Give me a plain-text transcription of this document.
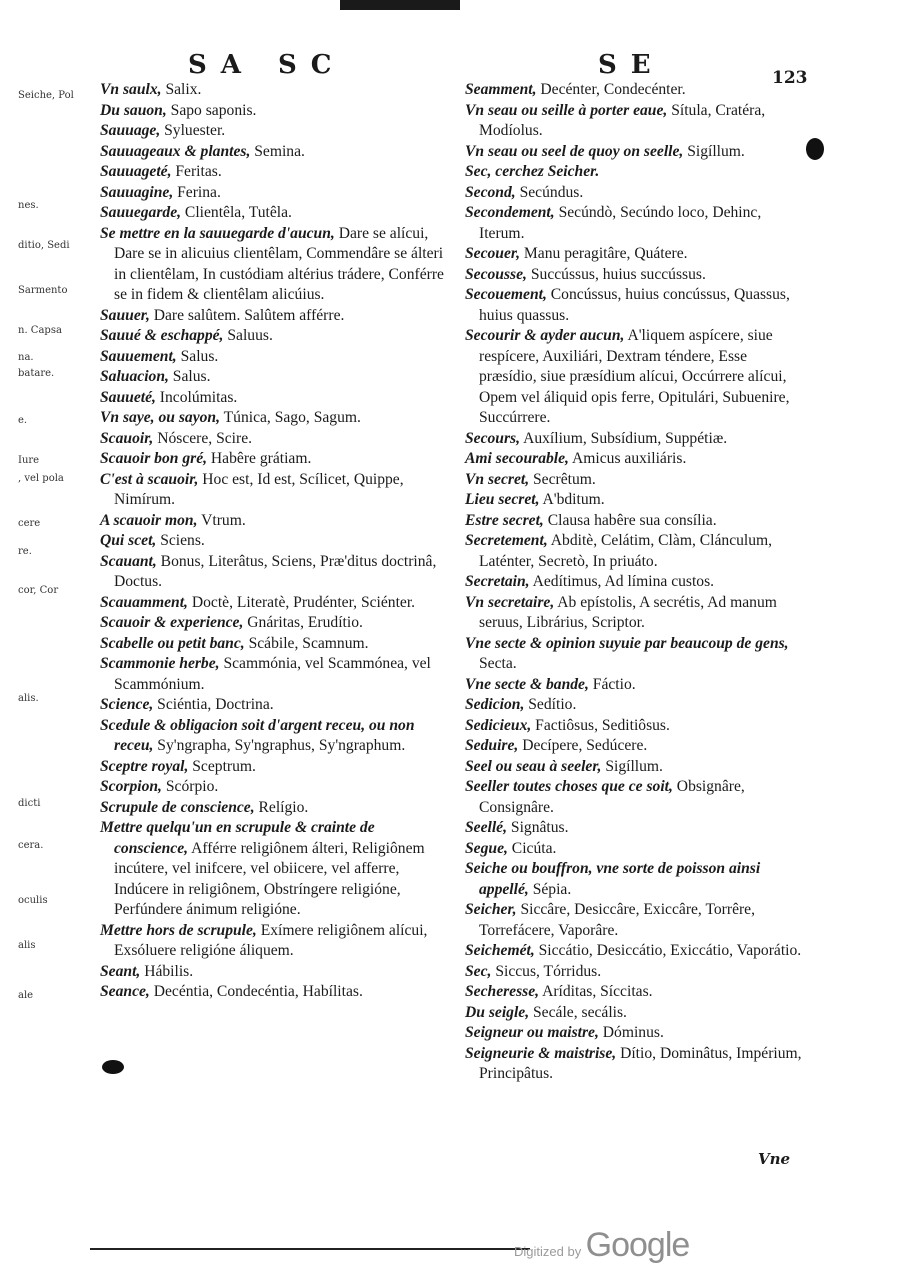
SA SC	SE	123
Seiche, Pol
nes.
ditio, Sedi
Sarmento
n. Capsa
na.
batare.
e.
Iure
, vel pola
cere
re.
cor, Cor
alis.
dicti
cera.
oculis
alis
ale

Vn saulx, Salix.

Du sauon, Sapo saponis.

Sauuage, Syluester.

Sauuageaux & plantes, Semina.

Sauuageté, Feritas.

Sauuagine, Ferina.

Sauuegarde, Clientêla, Tutêla.

Se mettre en la sauuegarde d'aucun, Dare se alícui, Dare se in alicuius clientêlam, Commendâre se álteri in clientêlam, In custódiam altérius trádere, Conférre se in fidem & clientêlam alicúius.

Sauuer, Dare salûtem. Salûtem afférre.

Sauué & eschappé, Saluus.

Sauuement, Salus.

Saluacion, Salus.

Sauueté, Incolúmitas.

Vn saye, ou sayon, Túnica, Sago, Sagum.

Scauoir, Nóscere, Scire.

Scauoir bon gré, Habêre grátiam.

C'est à scauoir, Hoc est, Id est, Scílicet, Quippe, Nimírum.

A scauoir mon, Vtrum.

Qui scet, Sciens.

Scauant, Bonus, Literâtus, Sciens, Præ'ditus doctrinâ, Doctus.

Scauamment, Doctè, Literatè, Prudénter, Sciénter.

Scauoir & experience, Gnáritas, Erudítio.

Scabelle ou petit banc, Scábile, Scamnum.

Scammonie herbe, Scammónia, vel Scammónea, vel Scammónium.

Science, Sciéntia, Doctrina.

Scedule & obligacion soit d'argent receu, ou non receu, Sy'ngrapha, Sy'ngraphus, Sy'ngraphum.

Sceptre royal, Sceptrum.

Scorpion, Scórpio.

Scrupule de conscience, Relígio.

Mettre quelqu'un en scrupule & crainte de conscience, Afférre religiônem álteri, Religiônem incútere, vel inifcere, vel obiicere, vel afferre, Indúcere in religiônem, Obstríngere religióne, Perfúndere ánimum religióne.

Mettre hors de scrupule, Exímere religiônem alícui, Exsóluere religióne áliquem.

Seant, Hábilis.

Seance, Decéntia, Condecéntia, Habílitas.

Seamment, Decénter, Condecénter.

Vn seau ou seille à porter eaue, Sítula, Cratéra, Modíolus.

Vn seau ou seel de quoy on seelle, Sigíllum.

Sec, cerchez Seicher.

Second, Secúndus.

Secondement, Secúndò, Secúndo loco, Dehinc, Iterum.

Secouer, Manu peragitâre, Quátere.

Secousse, Succússus, huius succússus.

Secouement, Concússus, huius concússus, Quassus, huius quassus.

Secourir & ayder aucun, A'liquem aspícere, siue respícere, Auxiliári, Dextram téndere, Esse præsídio, siue præsídium alícui, Occúrrere alícui, Opem vel áliquid opis ferre, Opitulári, Subuenire, Succúrrere.

Secours, Auxílium, Subsídium, Suppétiæ.

Ami secourable, Amicus auxiliáris.

Vn secret, Secrêtum.

Lieu secret, A'bditum.

Estre secret, Clausa habêre sua consília.

Secretement, Abditè, Celátim, Clàm, Clánculum, Laténter, Secretò, In priuáto.

Secretain, Aedítimus, Ad límina custos.

Vn secretaire, Ab epístolis, A secrétis, Ad manum seruus, Librárius, Scriptor.

Vne secte & opinion suyuie par beaucoup de gens, Secta.

Vne secte & bande, Fáctio.

Sedicion, Sedítio.

Sedicieux, Factiôsus, Seditiôsus.

Seduire, Decípere, Sedúcere.

Seel ou seau à seeler, Sigíllum.

Seeller toutes choses que ce soit, Obsignâre, Consignâre.

Seellé, Signâtus.

Segue, Cicúta.

Seiche ou bouffron, vne sorte de poisson ainsi appellé, Sépia.

Seicher, Siccâre, Desiccâre, Exiccâre, Torrêre, Torrefácere, Vaporâre.

Seichemét, Siccátio, Desiccátio, Exiccátio, Vaporátio.

Sec, Siccus, Tórridus.

Secheresse, Aríditas, Síccitas.

Du seigle, Secále, secális.

Seigneur ou maistre, Dóminus.

Seigneurie & maistrise, Dítio, Dominâtus, Impérium, Principâtus.

Vne
Digitized by Google
